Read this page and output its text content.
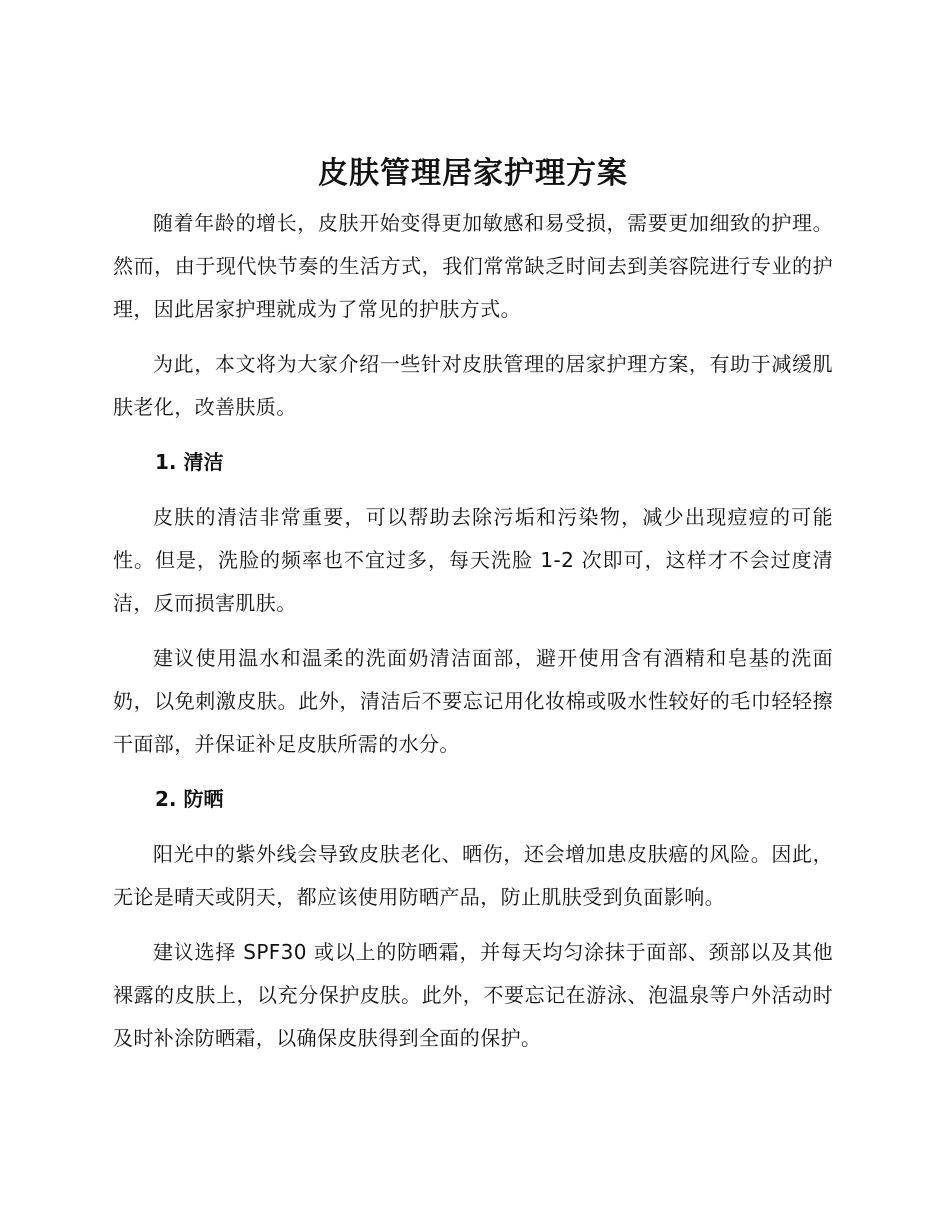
皮肤管理居家护理方案

随着年龄的增长，皮肤开始变得更加敏感和易受损，需要更加细致的护理。然而，由于现代快节奏的生活方式，我们常常缺乏时间去到美容院进行专业的护理，因此居家护理就成为了常见的护肤方式。

为此，本文将为大家介绍一些针对皮肤管理的居家护理方案，有助于减缓肌肤老化，改善肤质。

1. 清洁

皮肤的清洁非常重要，可以帮助去除污垢和污染物，减少出现痘痘的可能性。但是，洗脸的频率也不宜过多，每天洗脸 1-2 次即可，这样才不会过度清洁，反而损害肌肤。

建议使用温水和温柔的洗面奶清洁面部，避开使用含有酒精和皂基的洗面奶，以免刺激皮肤。此外，清洁后不要忘记用化妆棉或吸水性较好的毛巾轻轻擦干面部，并保证补足皮肤所需的水分。

2. 防晒

阳光中的紫外线会导致皮肤老化、晒伤，还会增加患皮肤癌的风险。因此，无论是晴天或阴天，都应该使用防晒产品，防止肌肤受到负面影响。

建议选择 SPF30 或以上的防晒霜，并每天均匀涂抹于面部、颈部以及其他裸露的皮肤上，以充分保护皮肤。此外，不要忘记在游泳、泡温泉等户外活动时及时补涂防晒霜，以确保皮肤得到全面的保护。
